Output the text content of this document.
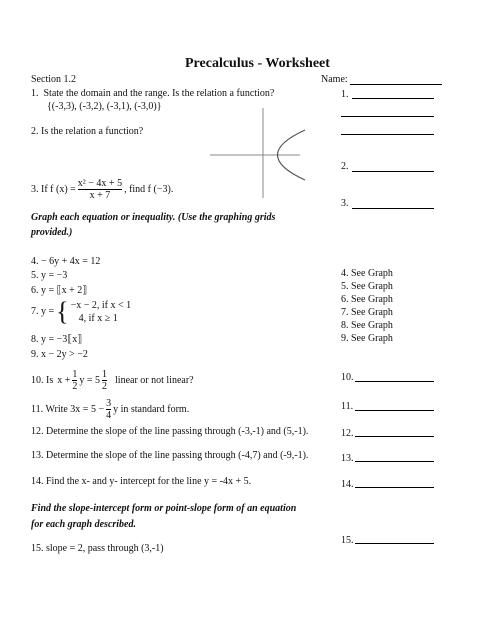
Precalculus - Worksheet
Section 1.2	Name:
1. State the domain and the range. Is the relation a function?
{(-3,3), (-3,2), (-3,1), (-3,0)}
2. Is the relation a function?
3. If f $(x) = \frac{\text{x² − 4x + 5}}{x + 7}$ , find f (−3).
Graph each equation or inequality. (Use the graphing grids
provided.)
4. − 6y + 4x = 12
5. y = −3
6. y = ⟦x + 2⟧
7. y = { −x − 2, if x < 1
4, if x ≥ 1
8. y = −3⟦x⟧
9. x − 2y > −2
10. Is $x + \frac{1}{2}$ $y = 5 \frac{1}{2}$ linear or not linear?
11. Write $3x = 5 - \frac{3}{4}$ y in standard form.
12. Determine the slope of the line passing through (-3,-1) and (5,-1).
13. Determine the slope of the line passing through (-4,7) and (-9,-1).
14. Find the x- and y- intercept for the line y = -4x + 5.
Find the slope-intercept form or point-slope form of an equation
for each graph described.
15. slope = 2, pass through (3,-1)
1.
2.
3.
4. See Graph
5. See Graph
6. See Graph
7. See Graph
8. See Graph
9. See Graph
10.
11.
12.
13.
14.
15.
